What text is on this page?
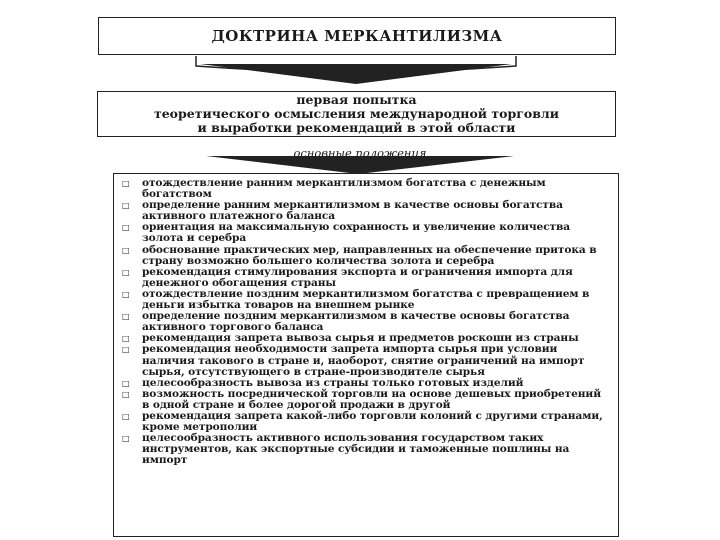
ДОКТРИНА МЕРКАНТИЛИЗМА
первая попытка
теоретического осмысления международной торговли
и выработки рекомендаций в этой области
основные положения
□	отождествление ранним меркантилизмом богатства с денежным богатством
□	определение ранним меркантилизмом в качестве основы богатства активного платежного баланса
□	ориентация на максимальную сохранность и увеличение количества золота и серебра
□	обоснование практических мер, направленных на обеспечение притока в страну возможно большего количества золота и серебра
□	рекомендация стимулирования экспорта и ограничения импорта для денежного обогащения страны
□	отождествление поздним меркантилизмом богатства с превращением в деньги избытка товаров на внешнем рынке
□	определение поздним меркантилизмом в качестве основы богатства активного торгового баланса
□	рекомендация запрета вывоза сырья и предметов роскоши из страны
□	рекомендация необходимости запрета импорта сырья при условии наличия такового в стране и, наоборот, снятие ограничений на импорт сырья, отсутствующего в стране-производителе сырья
□	целесообразность вывоза из страны только готовых изделий
□	возможность посреднической торговли на основе дешевых приобретений в одной стране и более дорогой продажи в другой
□	рекомендация запрета какой-либо торговли колоний с другими странами, кроме метрополии
□	целесообразность активного использования государством таких инструментов, как экспортные субсидии и таможенные пошлины на импорт
